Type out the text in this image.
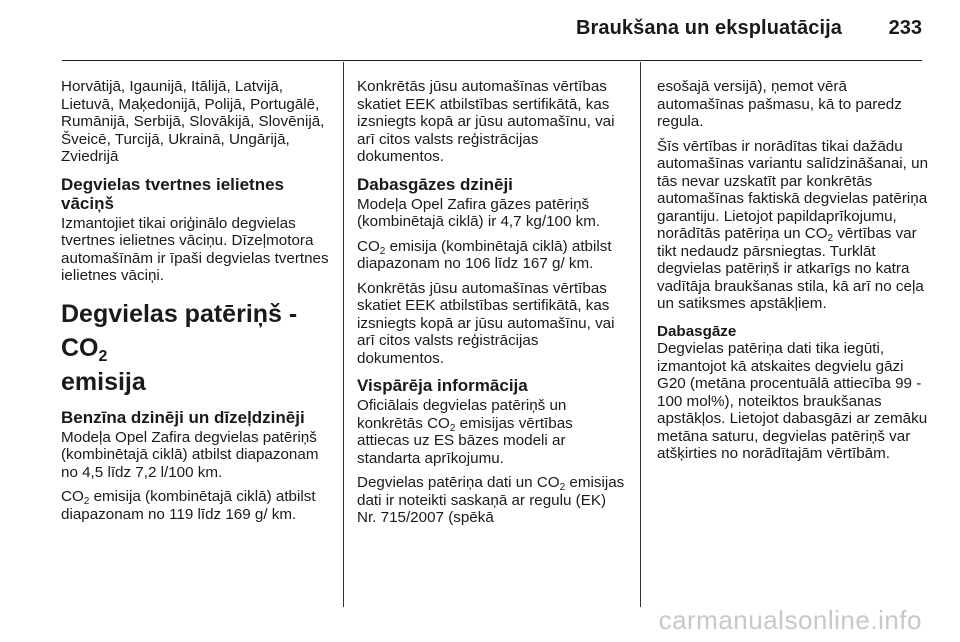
Braukšana un ekspluatācija 233

Horvātijā, Igaunijā, Itālijā, Latvijā, Lietuvā, Maķedonijā, Polijā, Portugālē, Rumānijā, Serbijā, Slovākijā, Slovēnijā, Šveicē, Turcijā, Ukrainā, Ungārijā, Zviedrijā

Degvielas tvertnes ielietnes vāciņš

Izmantojiet tikai oriģinālo degvielas tvertnes ielietnes vāciņu. Dīzeļmotora automašīnām ir īpaši degvielas tvertnes ielietnes vāciņi.

Degvielas patēriņš - $CO_2$
emisija
Benzīna dzinēji un dīzeļdzinēji

Modeļa Opel Zafira degvielas patēriņš (kombinētajā ciklā) atbilst diapazonam no 4,5 līdz 7,2 l/100 km.

$CO_2$ emisija (kombinētajā ciklā) atbilst diapazonam no 119 līdz 169 g/ km.

Konkrētās jūsu automašīnas vērtības skatiet EEK atbilstības sertifikātā, kas izsniegts kopā ar jūsu automašīnu, vai arī citos valsts reģistrācijas dokumentos.

Dabasgāzes dzinēji

Modeļa Opel Zafira gāzes patēriņš (kombinētajā ciklā) ir 4,7 kg/100 km.

$CO_2$ emisija (kombinētajā ciklā) atbilst diapazonam no 106 līdz 167 g/ km.

Konkrētās jūsu automašīnas vērtības skatiet EEK atbilstības sertifikātā, kas izsniegts kopā ar jūsu automašīnu, vai arī citos valsts reģistrācijas dokumentos.

Vispārēja informācija

Oficiālais degvielas patēriņš un konkrētās $CO_2$ emisijas vērtības attiecas uz ES bāzes modeli ar standarta aprīkojumu.

Degvielas patēriņa dati un $CO_2$ emisijas dati ir noteikti saskaņā ar regulu (EK) Nr. 715/2007 (spēkā

esošajā versijā), ņemot vērā automašīnas pašmasu, kā to paredz regula.

Šīs vērtības ir norādītas tikai dažādu automašīnas variantu salīdzināšanai, un tās nevar uzskatīt par konkrētās automašīnas faktiskā degvielas patēriņa garantiju. Lietojot papildaprīkojumu, norādītās patēriņa un $CO_2$ vērtības var tikt nedaudz pārsniegtas. Turklāt degvielas patēriņš ir atkarīgs no katra vadītāja braukšanas stila, kā arī no ceļa un satiksmes apstākļiem.

Dabasgāze

Degvielas patēriņa dati tika iegūti, izmantojot kā atskaites degvielu gāzi G20 (metāna procentuālā attiecība 99 - 100 mol%), noteiktos braukšanas apstākļos. Lietojot dabasgāzi ar zemāku metāna saturu, degvielas patēriņš var atšķirties no norādītajām vērtībām.

carmanualsonline.info
